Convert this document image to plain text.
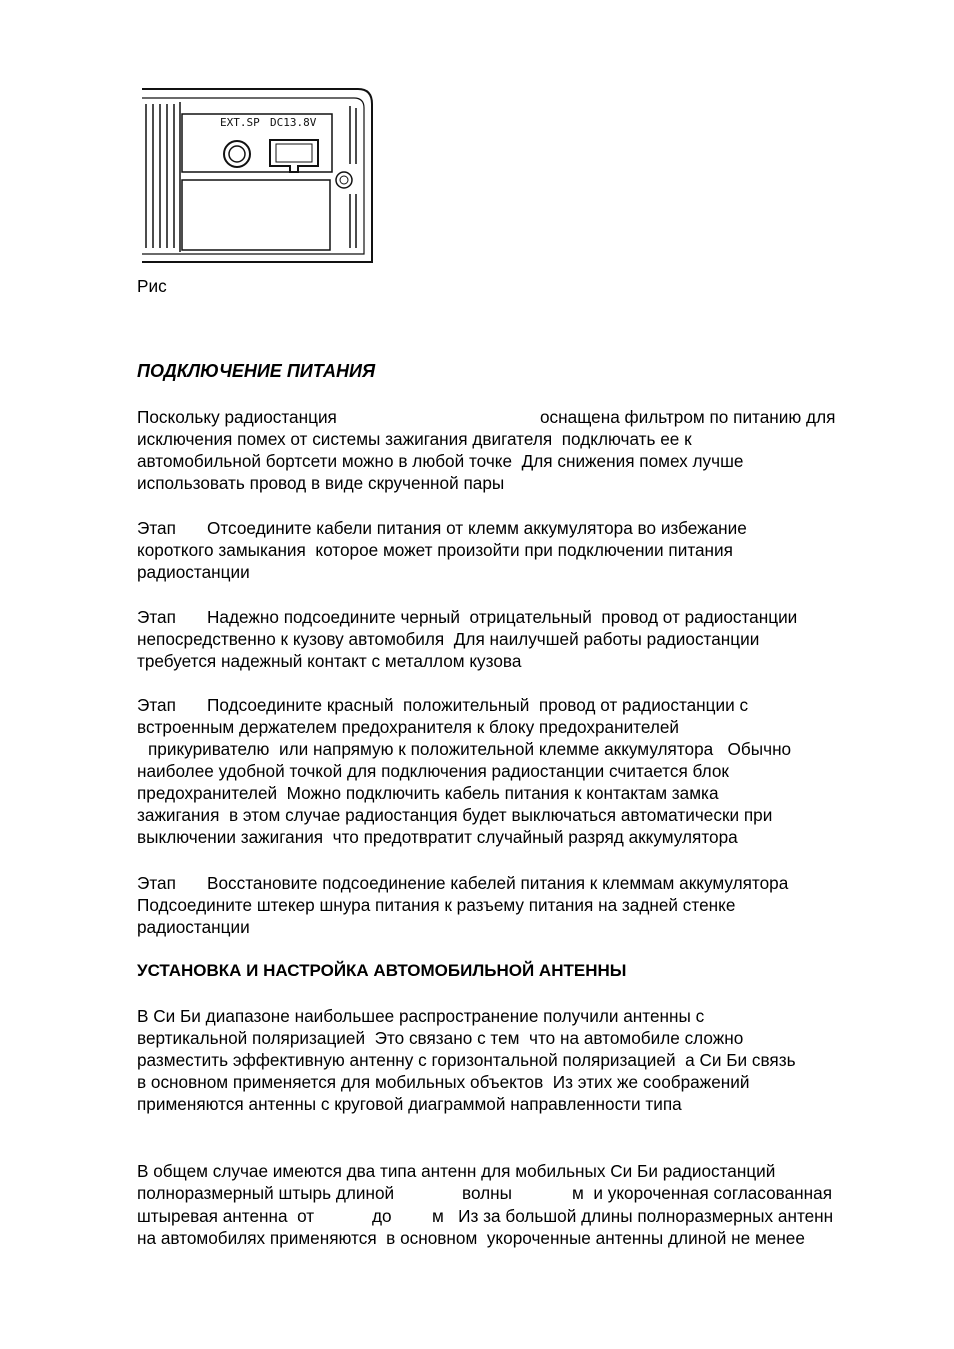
EXT.SP DC13.8V
Рис
ПОДКЛЮЧЕНИЕ ПИТАНИЯ

Поскольку радиостанция

	оснащена фильтром по питанию для

исключения помех от системы зажигания двигателя  подключать ее к
автомобильной бортсети можно в любой точке  Для снижения помех лучше
использовать провод в виде скрученной пары

Этап

Отсоедините кабели питания от клемм аккумулятора во избежание

короткого замыкания  которое может произойти при подключении питания
радиостанции

Этап

Надежно подсоедините черный  отрицательный  провод от радиостанции

непосредственно к кузову автомобиля  Для наилучшей работы радиостанции
требуется надежный контакт с металлом кузова

Этап

Подсоедините красный  положительный  провод от радиостанции с

встроенным держателем предохранителя к блоку предохранителей
прикуривателю  или напрямую к положительной клемме аккумулятора   Обычно
наиболее удобной точкой для подключения радиостанции считается блок
предохранителей  Можно подключить кабель питания к контактам замка
зажигания  в этом случае радиостанция будет выключаться автоматически при
выключении зажигания  что предотвратит случайный разряд аккумулятора

Этап

Восстановите подсоединение кабелей питания к клеммам аккумулятора

Подсоедините штекер шнура питания к разъему питания на задней стенке
радиостанции
УСТАНОВКА И НАСТРОЙКА АВТОМОБИЛЬНОЙ АНТЕННЫ
В Си Би диапазоне наибольшее распространение получили антенны с
вертикальной поляризацией  Это связано с тем  что на автомобиле сложно
разместить эффективную антенну с горизонтальной поляризацией  а Си Би связь
в основном применяется для мобильных объектов  Из этих же соображений
применяются антенны с круговой диаграммой направленности типа
В общем случае имеются два типа антенн для мобильных Си Би радиостанций

полноразмерный штырь длиной

	волны

	м  и укороченная согласованная

штыревая антенна  от

	до

м   Из за большой длины полноразмерных антенн

на автомобилях применяются  в основном  укороченные антенны длиной не менее
